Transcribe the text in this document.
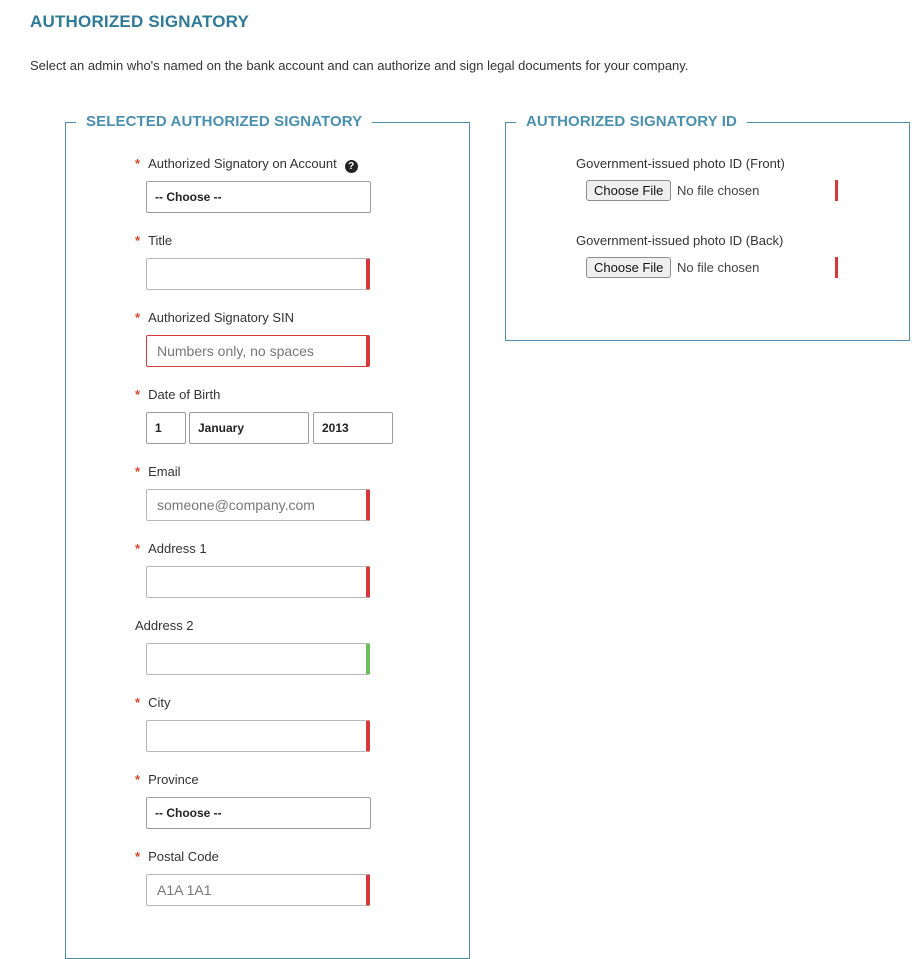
AUTHORIZED SIGNATORY
Select an admin who's named on the bank account and can authorize and sign legal documents for your company.
SELECTED AUTHORIZED SIGNATORY
* Authorized Signatory on Account ?
-- Choose --
* Title
* Authorized Signatory SIN
Numbers only, no spaces
* Date of Birth
1	January	2013
* Email
someone@company.com
* Address 1
Address 2
* City
* Province
-- Choose --
* Postal Code
A1A 1A1
AUTHORIZED SIGNATORY ID
Government-issued photo ID (Front)
Choose File	No file chosen
Government-issued photo ID (Back)
Choose File	No file chosen
